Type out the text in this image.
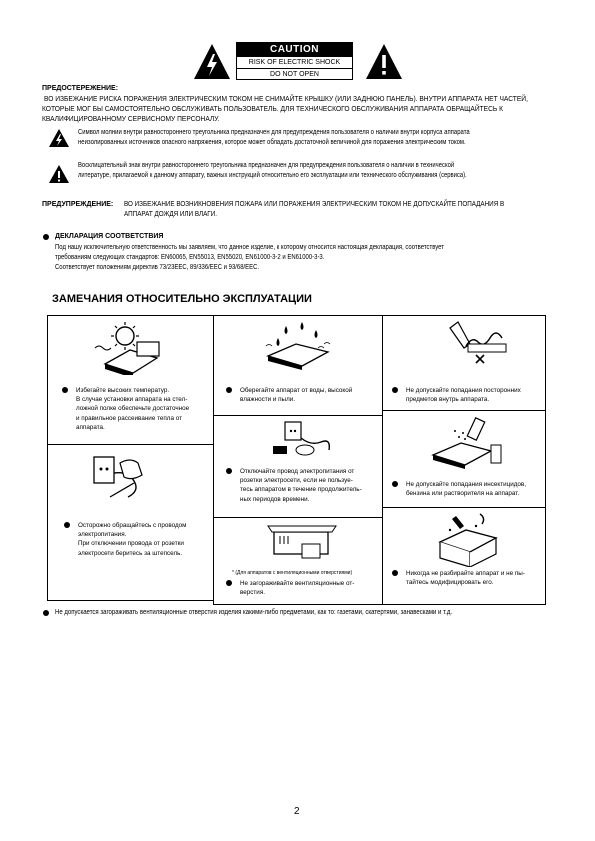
CAUTION
RISK OF ELECTRIC SHOCK
DO NOT OPEN
ПРЕДОСТЕРЕЖЕНИЕ:
ВО ИЗБЕЖАНИЕ РИСКА ПОРАЖЕНИЯ ЭЛЕКТРИЧЕСКИМ ТОКОМ НЕ СНИМАЙТЕ КРЫШКУ (ИЛИ ЗАДНЮЮ ПАНЕЛЬ). ВНУТРИ АППАРАТА НЕТ ЧАСТЕЙ,
КОТОРЫЕ МОГ БЫ САМОСТОЯТЕЛЬНО ОБСЛУЖИВАТЬ ПОЛЬЗОВАТЕЛЬ. ДЛЯ ТЕХНИЧЕСКОГО ОБСЛУЖИВАНИЯ АППАРАТА ОБРАЩАЙТЕСЬ К
КВАЛИФИЦИРОВАННОМУ СЕРВИСНОМУ ПЕРСОНАЛУ.
Символ молнии внутри равностороннего треугольника предназначен для предупреждения пользователя о наличии внутри корпуса аппарата
неизолированных источников опасного напряжения, которое может обладать достаточной величиной для поражения электрическим током.
Восклицательный знак внутри равностороннего треугольника предназначен для предупреждения пользователя о наличии в технической
литературе, прилагаемой к данному аппарату, важных инструкций относительно его эксплуатации или технического обслуживания (сервиса).
ПРЕДУПРЕЖДЕНИЕ: ВО ИЗБЕЖАНИЕ ВОЗНИКНОВЕНИЯ ПОЖАРА ИЛИ ПОРАЖЕНИЯ ЭЛЕКТРИЧЕСКИМ ТОКОМ НЕ ДОПУСКАЙТЕ ПОПАДАНИЯ В
АППАРАТ ДОЖДЯ ИЛИ ВЛАГИ.
ДЕКЛАРАЦИЯ СООТВЕТСТВИЯ
Под нашу исключительную ответственность мы заявляем, что данное изделие, к которому относится настоящая декларация, соответствует
требованиям следующих стандартов: EN60065, EN55013, EN55020, EN61000-3-2 и EN61000-3-3.
Соответствует положениям директив 73/23EEC, 89/336/EEC и 93/68/EEC.
ЗАМЕЧАНИЯ ОТНОСИТЕЛЬНО ЭКСПЛУАТАЦИИ
Избегайте высоких температур.
В случае установки аппарата на стел-
ложной полке обеспечьте достаточное
и правильное рассеивание тепла от
аппарата.
Оберегайте аппарат от воды, высокой
влажности и пыли.
Не допускайте попадания посторонних
предметов внутрь аппарата.
Отключайте провод электропитания от
розетки электросети, если не пользуе-
тесь аппаратом в течение продолжитель-
ных периодов времени.
Не допускайте попадания инсектицидов,
бензина или растворителя на аппарат.
Осторожно обращайтесь с проводом
электропитания.
При отключении провода от розетки
электросети беритесь за штепсель.
* (Для аппаратов с вентиляционными отверстиями)
Не загораживайте вентиляционные от-
верстия.
Никогда не разбирайте аппарат и не пы-
тайтесь модифицировать его.
Не допускается загораживать вентиляционные отверстия изделия какими-либо предметами, как то: газетами, скатертями, занавесками и т.д.
2
